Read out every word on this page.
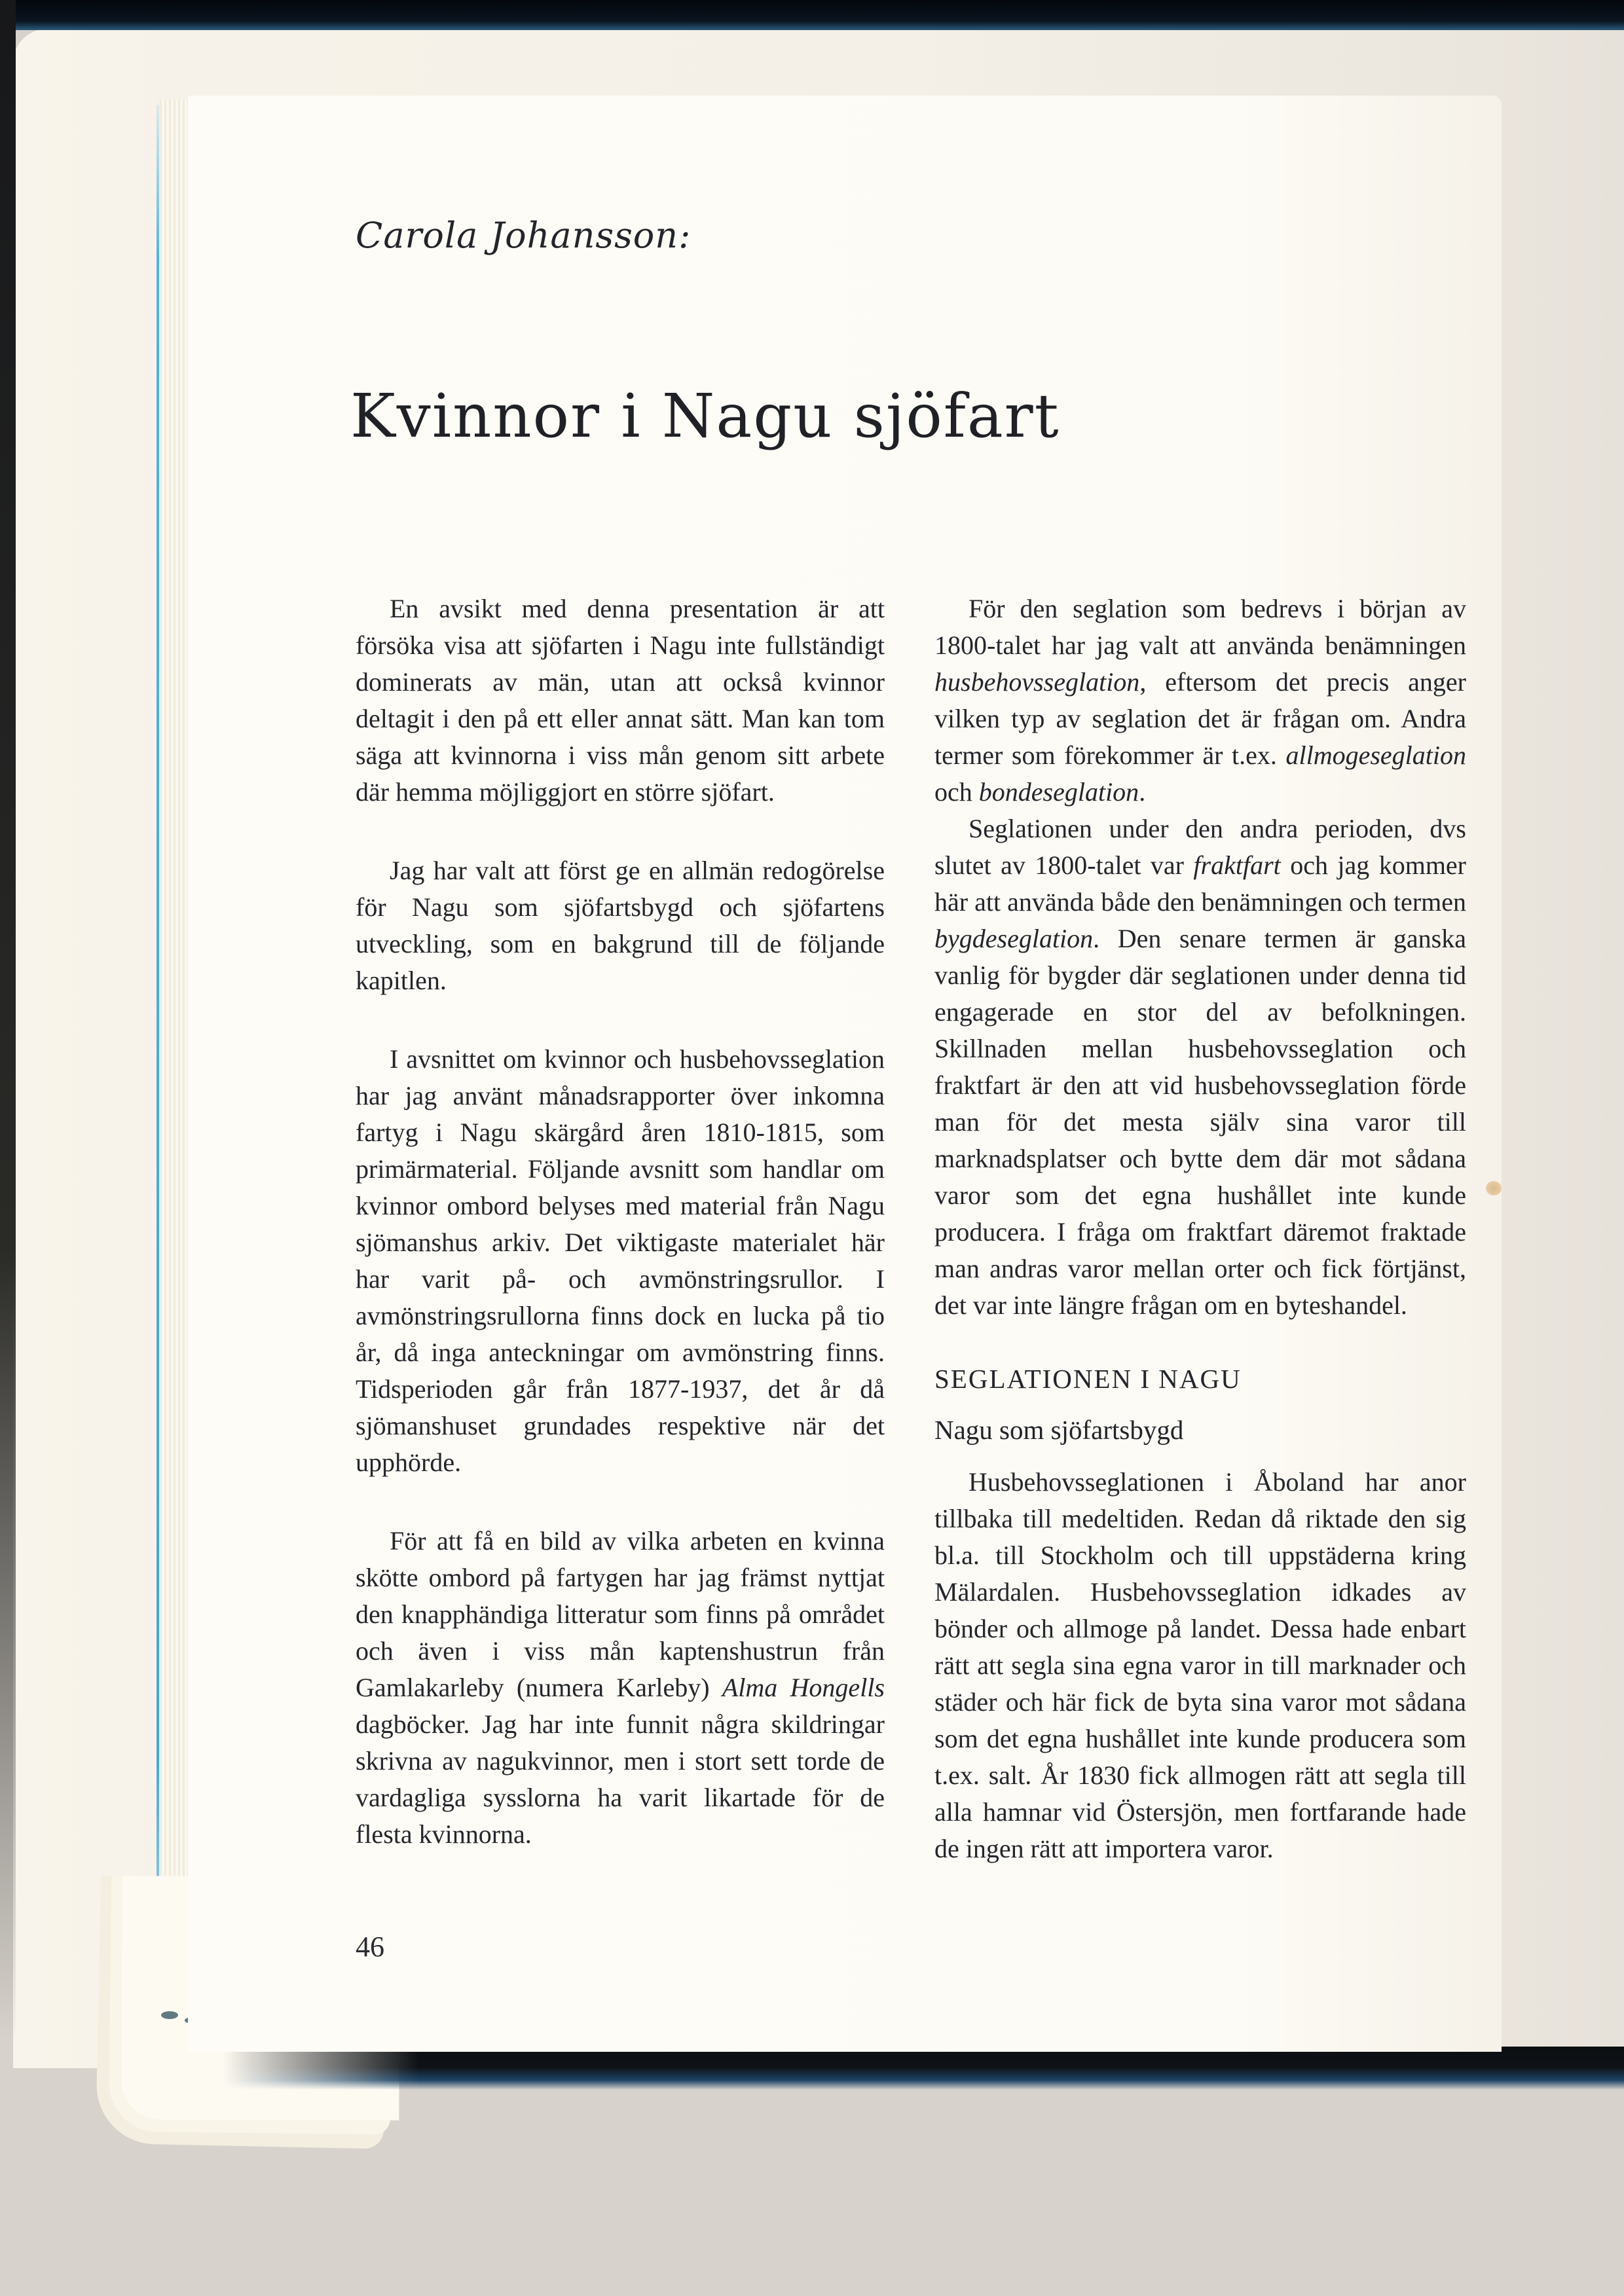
Carola Johansson:
Kvinnor i Nagu sjöfart

En avsikt med denna presentation är att försöka visa att sjöfarten i Nagu inte fullständigt dominerats av män, utan att också kvinnor deltagit i den på ett eller annat sätt. Man kan tom säga att kvinnorna i viss mån genom sitt arbete där hemma möjliggjort en större sjöfart.

Jag har valt att först ge en allmän redogörelse för Nagu som sjöfartsbygd och sjöfartens utveckling, som en bakgrund till de följande kapitlen.

I avsnittet om kvinnor och husbehovsseglation har jag använt månadsrapporter över inkomna fartyg i Nagu skärgård åren 1810-1815, som primärmaterial. Följande avsnitt som handlar om kvinnor ombord belyses med material från Nagu sjömanshus arkiv. Det viktigaste materialet här har varit på- och avmönstringsrullor. I avmönstringsrullorna finns dock en lucka på tio år, då inga anteckningar om avmönstring finns. Tidsperioden går från 1877-1937, det år då sjömanshuset grundades respektive när det upphörde.

För att få en bild av vilka arbeten en kvinna skötte ombord på fartygen har jag främst nyttjat den knapphändiga litteratur som finns på området och även i viss mån kaptenshustrun från Gamlakarleby (numera Karleby) Alma Hongells dagböcker. Jag har inte funnit några skildringar skrivna av nagukvinnor, men i stort sett torde de vardagliga sysslorna ha varit likartade för de flesta kvinnorna.

För den seglation som bedrevs i början av 1800-talet har jag valt att använda benämningen husbehovsseglation, eftersom det precis anger vilken typ av seglation det är frågan om. Andra termer som förekommer är t.ex. allmogeseglation och bondeseglation.

Seglationen under den andra perioden, dvs slutet av 1800-talet var fraktfart och jag kommer här att använda både den benämningen och termen bygdeseglation. Den senare termen är ganska vanlig för bygder där seglationen under denna tid engagerade en stor del av befolkningen. Skillnaden mellan husbehovsseglation och fraktfart är den att vid husbehovsseglation förde man för det mesta själv sina varor till marknadsplatser och bytte dem där mot sådana varor som det egna hushållet inte kunde producera. I fråga om fraktfart däremot fraktade man andras varor mellan orter och fick förtjänst, det var inte längre frågan om en byteshandel.

SEGLATIONEN I NAGU
Nagu som sjöfartsbygd

Husbehovsseglationen i Åboland har anor tillbaka till medeltiden. Redan då riktade den sig bl.a. till Stockholm och till uppstäderna kring Mälardalen. Husbehovsseglation idkades av bönder och allmoge på landet. Dessa hade enbart rätt att segla sina egna varor in till marknader och städer och här fick de byta sina varor mot sådana som det egna hushållet inte kunde producera som t.ex. salt. År 1830 fick allmogen rätt att segla till alla hamnar vid Östersjön, men fortfarande hade de ingen rätt att importera varor.

46
